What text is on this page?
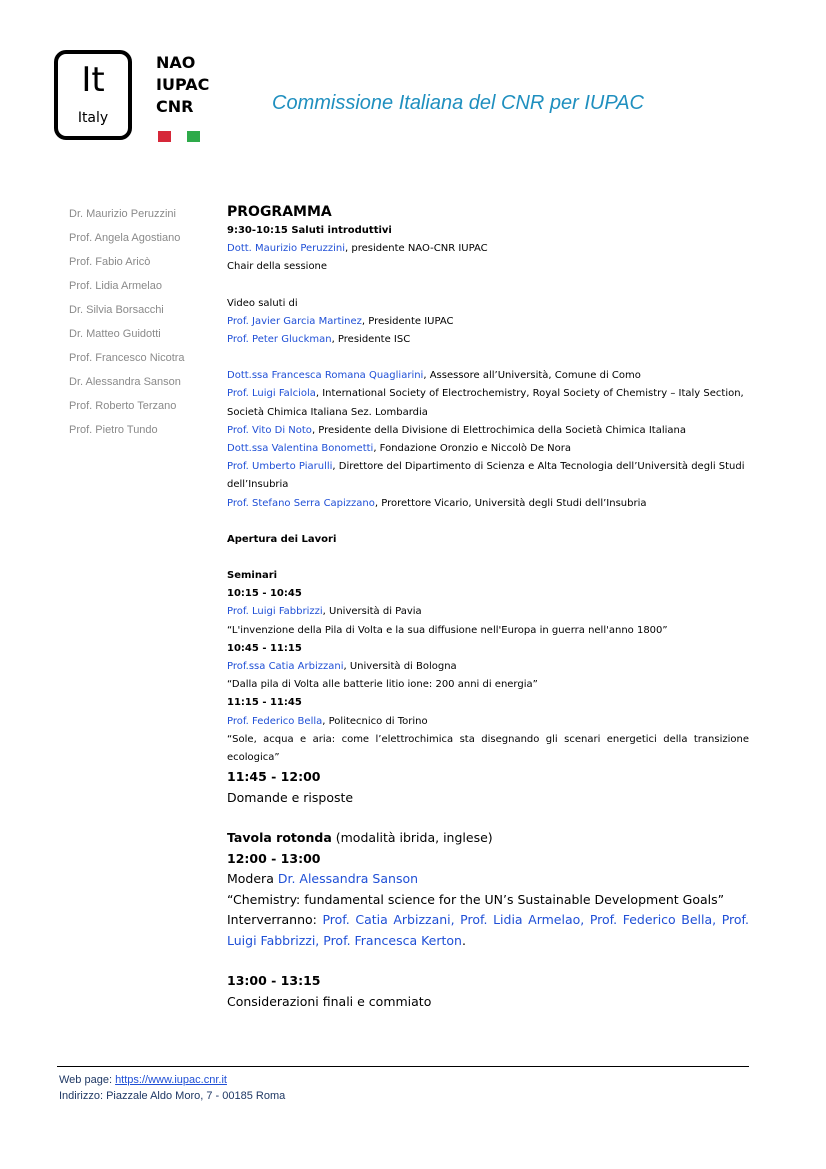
It
Italy
NAO
IUPAC
CNR	Commissione Italiana del CNR per IUPAC
Dr. Maurizio Peruzzini
Prof. Angela Agostiano
Prof. Fabio Aricò
Prof. Lidia Armelao
Dr. Silvia Borsacchi
Dr. Matteo Guidotti
Prof. Francesco Nicotra
Dr. Alessandra Sanson
Prof. Roberto Terzano
Prof. Pietro Tundo
PROGRAMMA
9:30-10:15 Saluti introduttivi
Dott. Maurizio Peruzzini, presidente NAO-CNR IUPAC
Chair della sessione
Video saluti di
Prof. Javier Garcia Martinez, Presidente IUPAC
Prof. Peter Gluckman, Presidente ISC
Dott.ssa Francesca Romana Quagliarini, Assessore all’Università, Comune di Como
Prof. Luigi Falciola, International Society of Electrochemistry, Royal Society of Chemistry – Italy Section, Società Chimica Italiana Sez. Lombardia
Prof. Vito Di Noto, Presidente della Divisione di Elettrochimica della Società Chimica Italiana
Dott.ssa Valentina Bonometti, Fondazione Oronzio e Niccolò De Nora
Prof. Umberto Piarulli, Direttore del Dipartimento di Scienza e Alta Tecnologia dell’Università degli Studi dell’Insubria
Prof. Stefano Serra Capizzano, Prorettore Vicario, Università degli Studi dell’Insubria
Apertura dei Lavori
Seminari
10:15 - 10:45
Prof. Luigi Fabbrizzi, Università di Pavia
“L'invenzione della Pila di Volta e la sua diffusione nell'Europa in guerra nell'anno 1800”
10:45 - 11:15
Prof.ssa Catia Arbizzani, Università di Bologna
“Dalla pila di Volta alle batterie litio ione: 200 anni di energia”
11:15 - 11:45
Prof. Federico Bella, Politecnico di Torino
“Sole, acqua e aria: come l’elettrochimica sta disegnando gli scenari energetici della transizione ecologica”
11:45 - 12:00
Domande e risposte
Tavola rotonda (modalità ibrida, inglese)
12:00 - 13:00
Modera Dr. Alessandra Sanson
“Chemistry: fundamental science for the UN’s Sustainable Development Goals”
Interverranno: Prof. Catia Arbizzani, Prof. Lidia Armelao, Prof. Federico Bella, Prof. Luigi Fabbrizzi, Prof. Francesca Kerton.
13:00 - 13:15
Considerazioni finali e commiato
Web page: https://www.iupac.cnr.it
Indirizzo: Piazzale Aldo Moro, 7 - 00185 Roma
